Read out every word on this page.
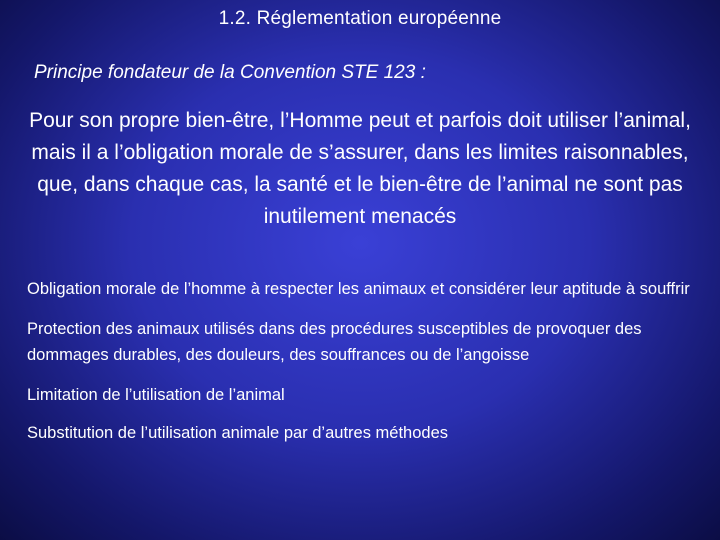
1.2. Réglementation européenne

Principe fondateur de la Convention STE 123 :

Pour son propre bien-être, l’Homme peut et parfois doit utiliser l’animal, mais il a l’obligation morale de s’assurer, dans les limites raisonnables, que, dans chaque cas, la santé et le bien-être de l’animal ne sont pas inutilement menacés

Obligation morale de l’homme à respecter les animaux et considérer leur aptitude à souffrir
Protection des animaux utilisés dans des procédures susceptibles de provoquer des dommages durables, des douleurs, des souffrances ou de l’angoisse
Limitation de l’utilisation de l’animal
Substitution de l’utilisation animale par d’autres méthodes
